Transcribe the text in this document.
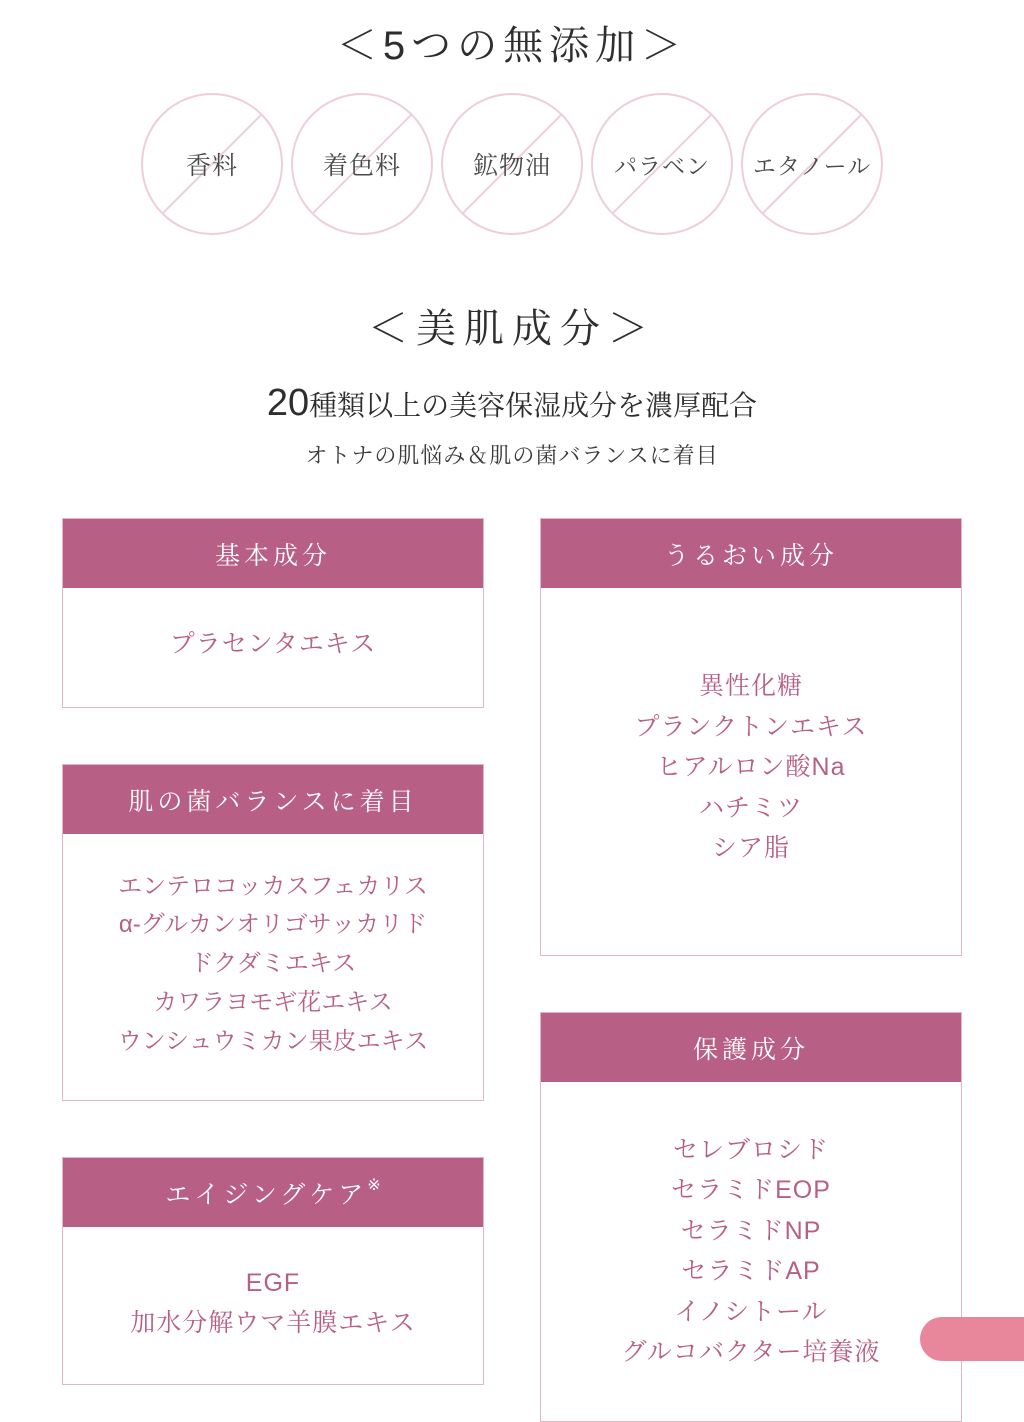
＜5つの無添加＞
香料	着色料	鉱物油	パラベン エタノール
＜美肌成分＞

20種類以上の美容保湿成分を濃厚配合

オトナの肌悩み＆肌の菌バランスに着目

基本成分
プラセンタエキス
肌の菌バランスに着目
エンテロコッカスフェカリス
α‐グルカンオリゴサッカリド
ドクダミエキス
カワラヨモギ花エキス
ウンシュウミカン果皮エキス
エイジングケア※
EGF
加水分解ウマ羊膜エキス
うるおい成分
異性化糖
プランクトンエキス
ヒアルロン酸Na
ハチミツ
シア脂
保護成分
セレブロシド
セラミドEOP
セラミドNP
セラミドAP
イノシトール
グルコバクター培養液
